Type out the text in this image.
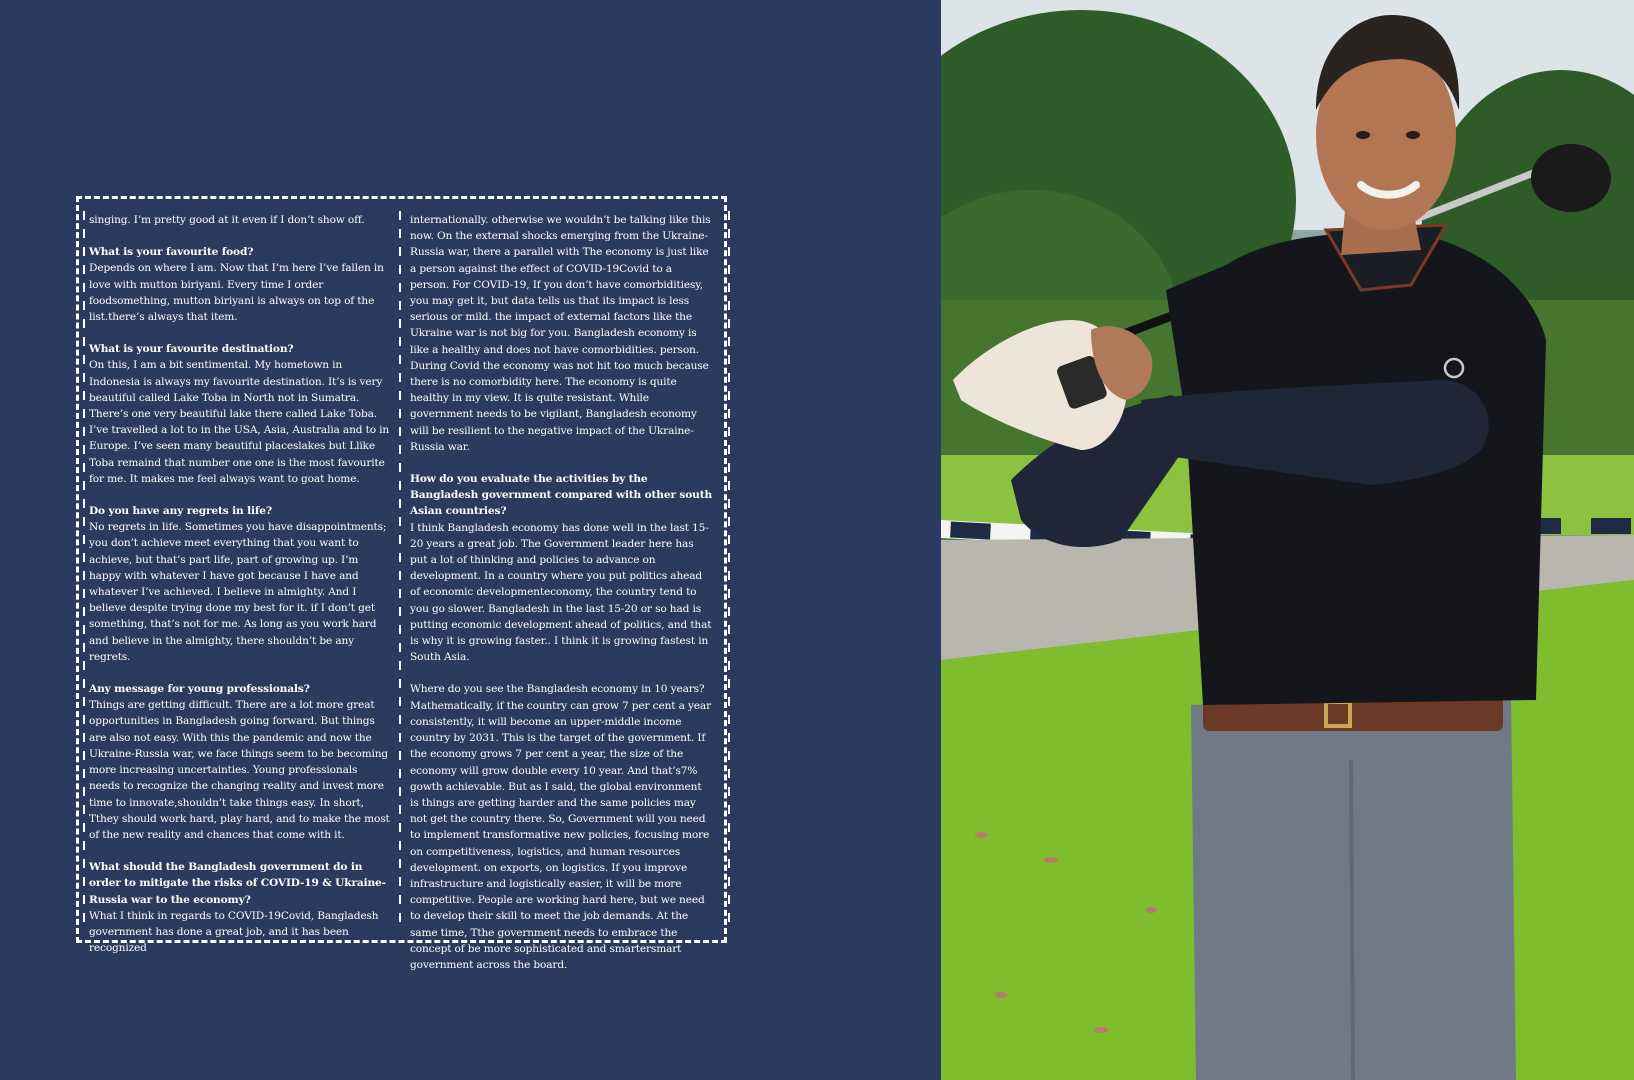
singing. I’m pretty good at it even if I don’t show off.

What is your favourite food?

Depends on where I am. Now that I’m here I’ve fallen in love with mutton biriyani. Every time I order foodsomething, mutton biriyani is always on top of the list.there’s always that item.

What is your favourite destination?

On this, I am a bit sentimental. My hometown in Indonesia is always my favourite destination. It’s is very beautiful called Lake Toba in North not in Sumatra. There’s one very beautiful lake there called Lake Toba. I’ve travelled a lot to in the USA, Asia, Australia and to in Europe. I’ve seen many beautiful placeslakes but Llike Toba remaind that number one one is the most favourite for me. It makes me feel always want to goat home.

Do you have any regrets in life?

No regrets in life. Sometimes you have disappointments; you don’t achieve meet everything that you want to achieve, but that’s part life, part of growing up. I’m happy with whatever I have got because I have and whatever I’ve achieved. I believe in almighty. And I believe despite trying done my best for it. if I don’t get something, that’s not for me. As long as you work hard and believe in the almighty, there shouldn’t be any regrets.

Any message for young professionals?

Things are getting difficult. There are a lot more great opportunities in Bangladesh going forward. But things are also not easy. With this the pandemic and now the Ukraine-Russia war, we face things seem to be becoming more increasing uncertainties. Young professionals needs to recognize the changing reality and invest more time to innovate,shouldn’t take things easy. In short, Tthey should work hard, play hard, and to make the most of the new reality and chances that come with it.

What should the Bangladesh government do in order to mitigate the risks of COVID-19 & Ukraine-Russia war to the economy?

What I think in regards to COVID-19Covid, Bangladesh government has done a great job, and it has been recognized

internationally. otherwise we wouldn’t be talking like this now. On the external shocks emerging from the Ukraine-Russia war, there a parallel with The economy is just like a person against the effect of COVID-19Covid to a person. For COVID-19, If you don’t have comorbiditiesy, you may get it, but data tells us that its impact is less serious or mild. the impact of external factors like the Ukraine war is not big for you. Bangladesh economy is like a healthy and does not have comorbidities. person. During Covid the economy was not hit too much because there is no comorbidity here. The economy is quite healthy in my view. It is quite resistant. While government needs to be vigilant, Bangladesh economy will be resilient to the negative impact of the Ukraine-Russia war.

How do you evaluate the activities by the Bangladesh government compared with other south Asian countries?

I think Bangladesh economy has done well in the last 15-20 years a great job. The Government leader here has put a lot of thinking and policies to advance on development. In a country where you put politics ahead of economic developmenteconomy, the country tend to you go slower. Bangladesh in the last 15-20 or so had is putting economic development ahead of politics, and that is why it is growing faster.. I think it is growing fastest in South Asia.

Where do you see the Bangladesh economy in 10 years? Mathematically, if the country can grow 7 per cent a year consistently, it will become an upper-middle income country by 2031. This is the target of the government. If the economy grows 7 per cent a year, the size of the economy will grow double every 10 year. And that’s7% gowth achievable. But as I said, the global environment is things are getting harder and the same policies may not get the country there. So, Government will you need to implement transformative new policies, focusing more on competitiveness, logistics, and human resources development. on exports, on logistics. If you improve infrastructure and logistically easier, it will be more competitive. People are working hard here, but we need to develop their skill to meet the job demands. At the same time, Tthe government needs to embrace the concept of be more sophisticated and smartersmart government across the board.
